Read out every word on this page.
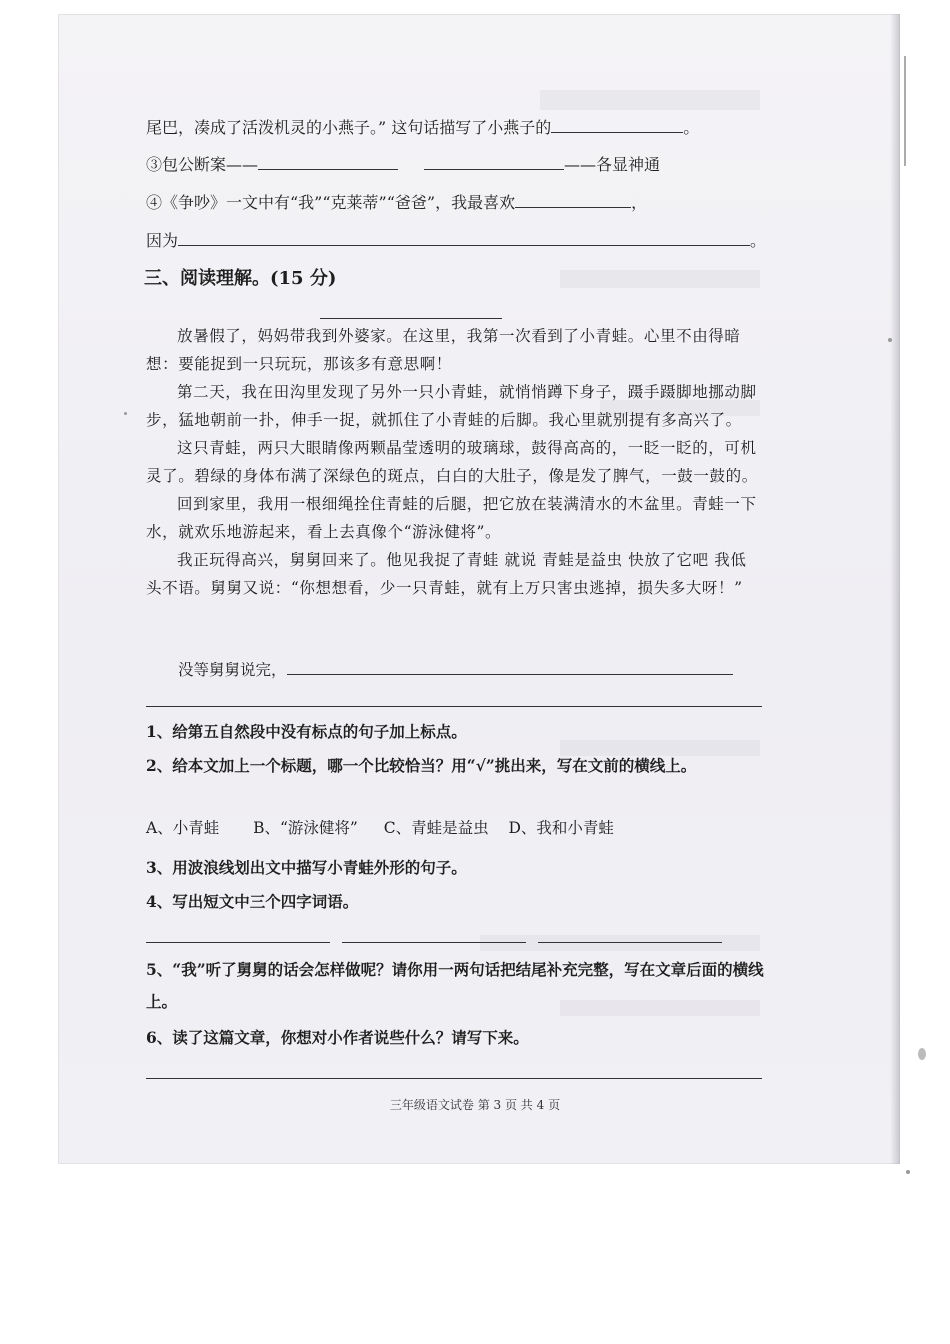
尾巴，凑成了活泼机灵的小燕子。” 这句话描写了小燕子的	。
③包公断案——	——各显神通
④《争吵》一文中有“我”“克莱蒂”“爸爸”，我最喜欢	，
因为	。
三、阅读理解。(15 分)

放暑假了，妈妈带我到外婆家。在这里，我第一次看到了小青蛙。心里不由得暗想：要能捉到一只玩玩，那该多有意思啊！

第二天，我在田沟里发现了另外一只小青蛙，就悄悄蹲下身子，蹑手蹑脚地挪动脚步，猛地朝前一扑，伸手一捉，就抓住了小青蛙的后脚。我心里就别提有多高兴了。

这只青蛙，两只大眼睛像两颗晶莹透明的玻璃球，鼓得高高的，一眨一眨的，可机灵了。碧绿的身体布满了深绿色的斑点，白白的大肚子，像是发了脾气，一鼓一鼓的。

回到家里，我用一根细绳拴住青蛙的后腿，把它放在装满清水的木盆里。青蛙一下水，就欢乐地游起来，看上去真像个“游泳健将”。

我正玩得高兴，舅舅回来了。他见我捉了青蛙 就说 青蛙是益虫 快放了它吧 我低头不语。舅舅又说：“你想想看，少一只青蛙，就有上万只害虫逃掉，损失多大呀！”

没等舅舅说完，
1、给第五自然段中没有标点的句子加上标点。
2、给本文加上一个标题，哪一个比较恰当？用“√”挑出来，写在文前的横线上。
A、小青蛙 B、“游泳健将” C、青蛙是益虫 D、我和小青蛙
3、用波浪线划出文中描写小青蛙外形的句子。
4、写出短文中三个四字词语。
5、“我”听了舅舅的话会怎样做呢？请你用一两句话把结尾补充完整，写在文章后面的横线上。
6、读了这篇文章，你想对小作者说些什么？请写下来。
三年级语文试卷 第 3 页 共 4 页
